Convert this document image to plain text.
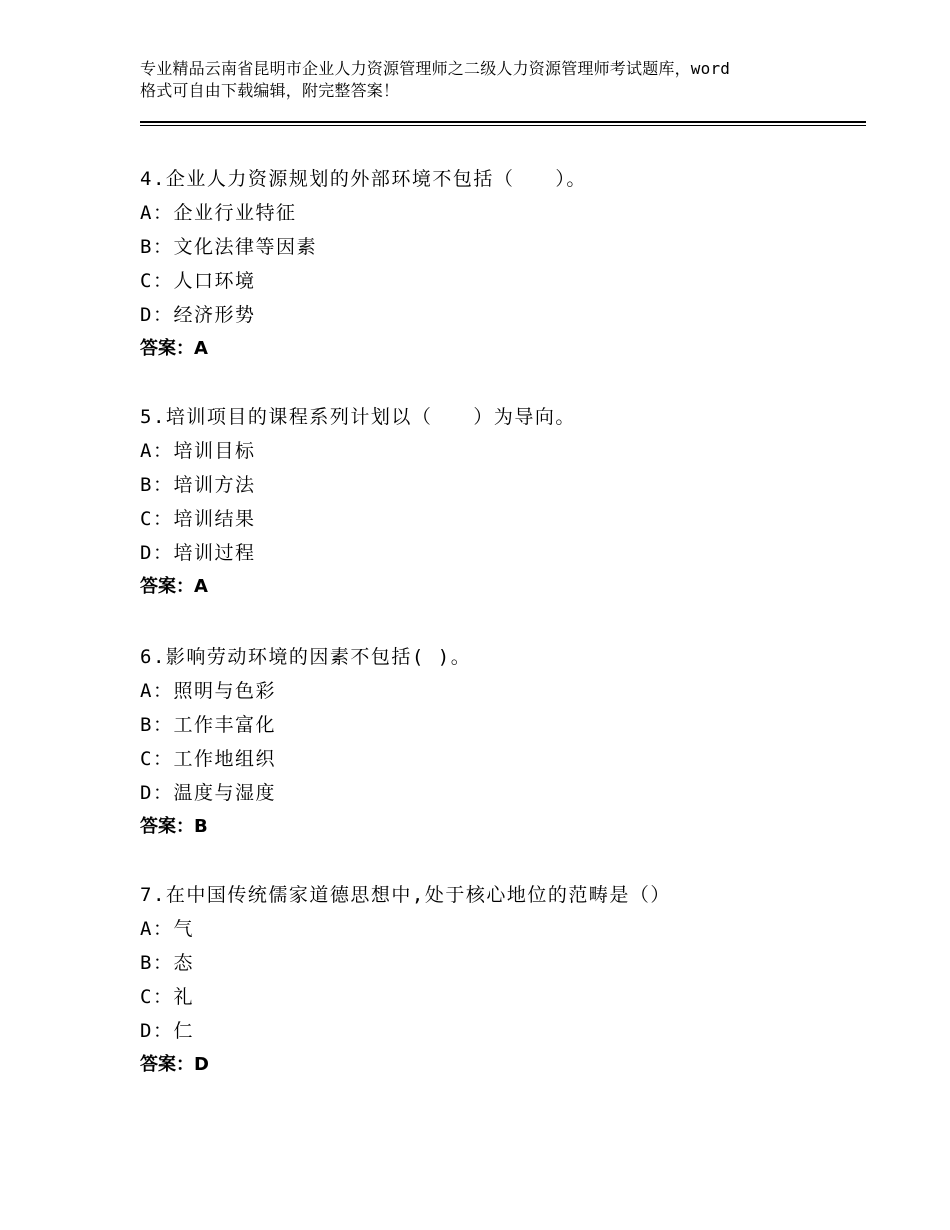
专业精品云南省昆明市企业人力资源管理师之二级人力资源管理师考试题库，word
格式可自由下载编辑，附完整答案！
4.企业人力资源规划的外部环境不包括（　　）。
A：企业行业特征
B：文化法律等因素
C：人口环境
D：经济形势
答案：A
5.培训项目的课程系列计划以（　　）为导向。
A：培训目标
B：培训方法
C：培训结果
D：培训过程
答案：A
6.影响劳动环境的因素不包括( )。
A：照明与色彩
B：工作丰富化
C：工作地组织
D：温度与湿度
答案：B
7.在中国传统儒家道德思想中,处于核心地位的范畴是（）
A：气
B：态
C：礼
D：仁
答案：D
